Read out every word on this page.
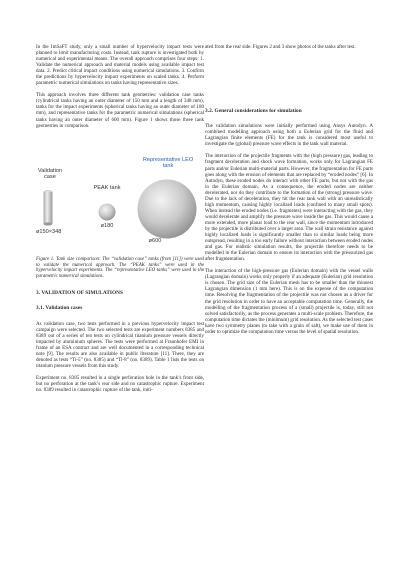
In the ImSaFT study, only a small number of hypervelocity impact tests were planned to limit manufacturing costs. Instead, tank rupture is investigated both by numerical and experimental means. The overall approach comprises four steps: 1. Validate the numerical approach and material models using available impact test data. 2. Predict critical impact conditions using numerical simulations. 3. Confirm the predictions by hypervelocity impact experiments on scaled tanks. 4. Perform parametric numerical simulations on tanks having representative sizes.

This approach involves three different tank geometries: validation case tanks (cylindrical tanks having an outer diameter of 150 mm and a length of 348 mm), tanks for the impact experiments (spherical tanks having an outer diameter of 180 mm), and representative tanks for the parametric numerical simulations (spherical tanks having an outer diameter of 600 mm). Figure 1 shows those three tank geometries in comparison.

Validation case
ø150×348
PEAK tank
ø180
Representative LEO tank
ø600

Figure 1. Tank size comparison: The “validation case” tanks (from [11]) were used to validate the numerical approach. The “PEAK tanks” were used in the hypervelocity impact experiments. The “representative LEO tanks” were used in the parametric numerical simulations.

3. VALIDATION OF SIMULATIONS
3.1. Validation cases

As validation case, two tests performed in a previous hypervelocity impact test campaign were selected. The two selected tests are experiment numbers 8385 and 8389 out of a series of ten tests on cylindrical titanium pressure vessels directly impacted by aluminium spheres. The tests were performed at Fraunhofer EMI in frame of an ESA contract and are well documented in a corresponding technical note [9]. The results are also available in public literature [11]. There, they are denoted as tests “Ti-5” (no. 8385) and “Ti-8” (no. 8389). Table 1 lists the tests on titanium pressure vessels from this study.

Experiment no. 8385 resulted in a single perforation hole in the tank’s front side, but no perforation at the tank’s rear side and no catastrophic rupture. Experiment no. 8389 resulted in catastrophic rupture of the tank, initi-

ated from the rear side. Figures 2 and 3 show photos of the tanks after test.

3.2. General considerations for simulation

The validation simulations were initially performed using Ansys Autodyn. A combined modelling approach using both a Eulerian grid for the fluid and Lagrangian finite elements (FE) for the tank is considered most useful to investigate the (global) pressure wave effects in the tank wall material.

The interaction of the projectile fragments with the (high pressure) gas, leading to fragment deceleration and shock wave formation, works only for Lagrangian FE parts and/or Eulerian multi-material parts. However, the fragmentation for FE parts goes along with the erosion of elements that are replaced by “eroded nodes” [6]. In Autodyn, these eroded nodes do interact with other FE parts, but not with the gas in the Eulerian domain. As a consequence, the eroded nodes are neither decelerated, nor do they contribute to the formation of the (strong) pressure wave. Due to the lack of deceleration, they hit the rear tank wall with an unrealistically high momentum, causing highly localized loads (confined to many small spots). When instead the eroded nodes (i.e. fragments) were interacting with the gas, they would decelerate and amplify the pressure wave inside the gas. This would cause a more extended, more planar load to the rear wall, since the momentum introduced by the projectile is distributed over a larger area. The wall strain resistance against highly localized loads is significantly smaller than to similar loads being more outspread, resulting in a too early failure without interaction between eroded nodes and gas. For realistic simulation results, the projectile therefore needs to be modelled in the Eulerian domain to ensure its interaction with the pressurized gas after fragmentation.

The interaction of the high-pressure gas (Eulerian domain) with the vessel walls (Lagrangian domain) works only properly if an adequate (Eulerian) grid resolution is chosen. The grid size of the Eulerian mesh has to be smaller than the thinnest Lagrangian dimension (1 mm here). This is on the expense of the computation time. Resolving the fragmentation of the projectile was not chosen as a driver for the grid resolution in order to have an acceptable computation time. Generally, the modelling of the fragmentation process of a (small) projectile is, today, still not solved satisfactorily, as the process generates a multi-scale problem. Therefore, the computation time dictates the (minimum) grid resolution. As the selected test cases have two symmetry planes (to take with a grain of salt), we make use of them in order to optimize the computation time versus the level of spatial resolution.
